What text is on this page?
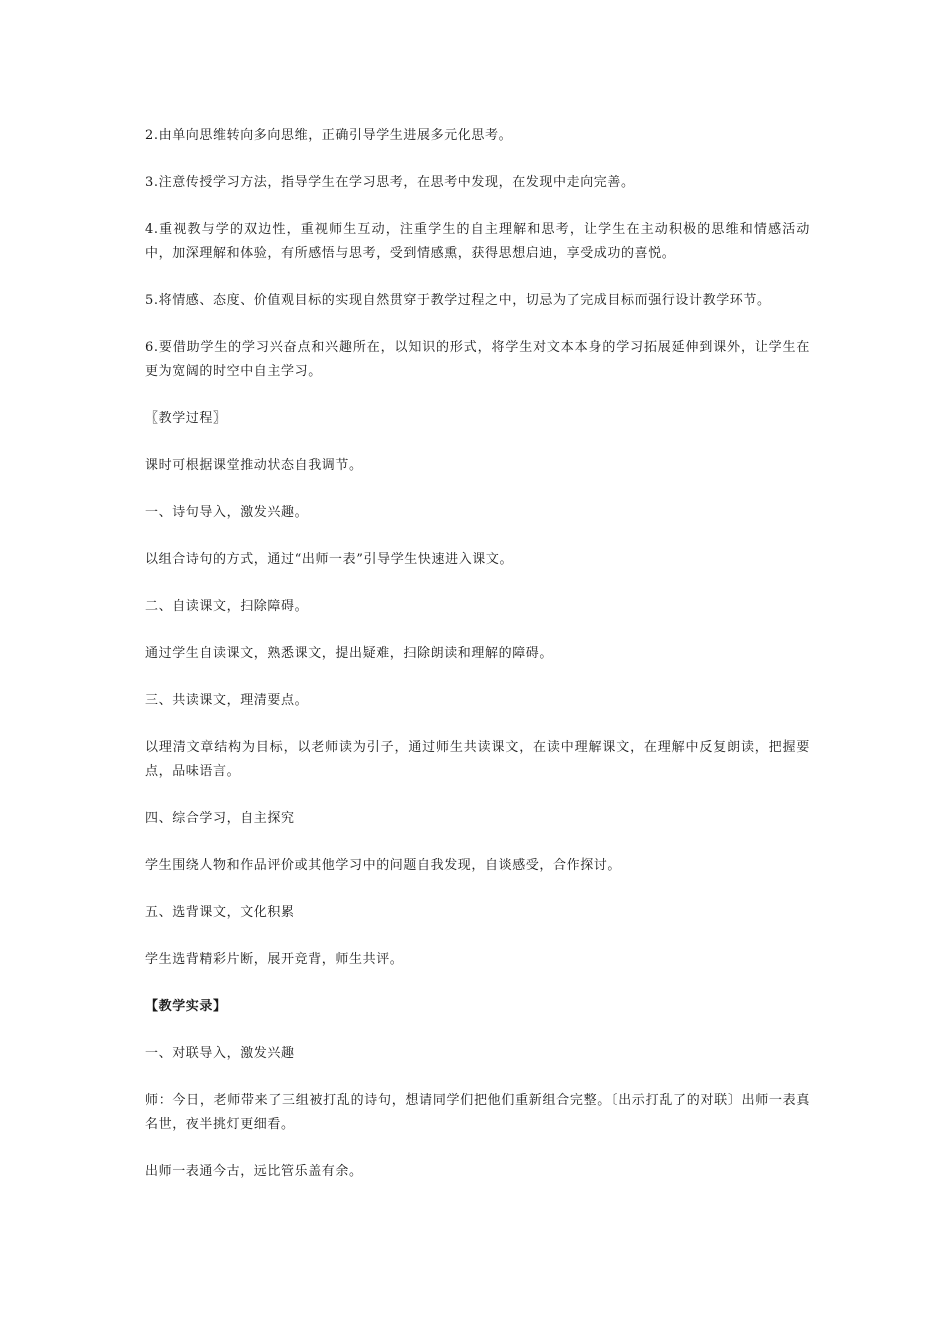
2.由单向思维转向多向思维，正确引导学生进展多元化思考。

3.注意传授学习方法，指导学生在学习思考，在思考中发现，在发现中走向完善。

4.重视教与学的双边性，重视师生互动，注重学生的自主理解和思考，让学生在主动积极的思维和情感活动中，加深理解和体验，有所感悟与思考，受到情感熏，获得思想启迪，享受成功的喜悦。

5.将情感、态度、价值观目标的实现自然贯穿于教学过程之中，切忌为了完成目标而强行设计教学环节。

6.要借助学生的学习兴奋点和兴趣所在，以知识的形式，将学生对文本本身的学习拓展延伸到课外，让学生在更为宽阔的时空中自主学习。

〖教学过程〗

课时可根据课堂推动状态自我调节。

一、诗句导入，激发兴趣。

以组合诗句的方式，通过“出师一表”引导学生快速进入课文。

二、自读课文，扫除障碍。

通过学生自读课文，熟悉课文，提出疑难，扫除朗读和理解的障碍。

三、共读课文，理清要点。

以理清文章结构为目标，以老师读为引子，通过师生共读课文，在读中理解课文，在理解中反复朗读，把握要点，品味语言。

四、综合学习，自主探究

学生围绕人物和作品评价或其他学习中的问题自我发现，自谈感受，合作探讨。

五、选背课文，文化积累

学生选背精彩片断，展开竞背，师生共评。

【教学实录】

一、对联导入，激发兴趣

师：今日，老师带来了三组被打乱的诗句，想请同学们把他们重新组合完整。〔出示打乱了的对联〕出师一表真名世，夜半挑灯更细看。

出师一表通今古，远比管乐盖有余。
